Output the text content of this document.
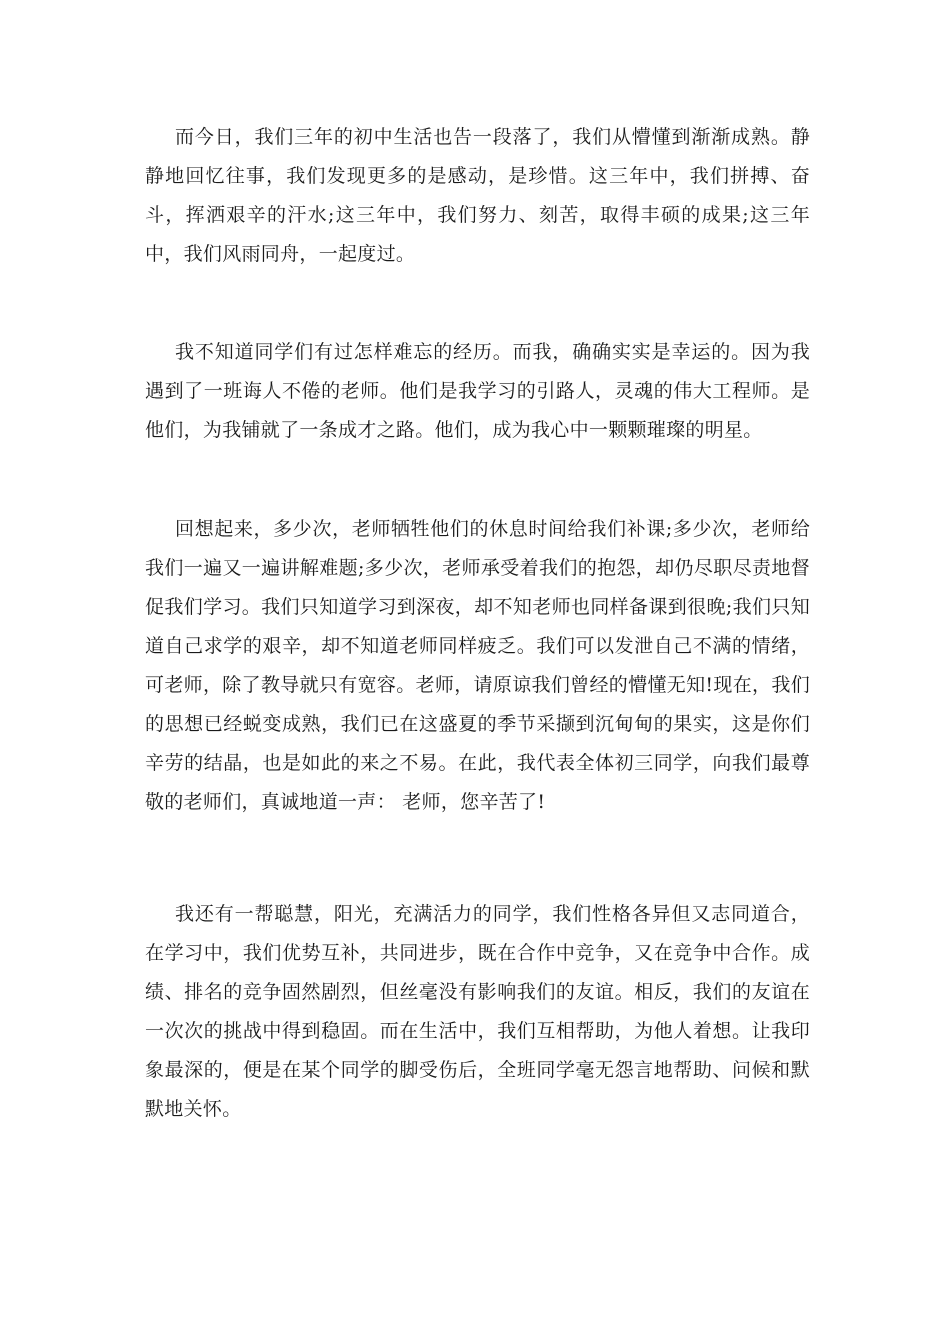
而今日，我们三年的初中生活也告一段落了，我们从懵懂到渐渐成熟。静静地回忆往事，我们发现更多的是感动，是珍惜。这三年中，我们拼搏、奋斗，挥洒艰辛的汗水;这三年中，我们努力、刻苦，取得丰硕的成果;这三年中，我们风雨同舟，一起度过。

我不知道同学们有过怎样难忘的经历。而我，确确实实是幸运的。因为我遇到了一班诲人不倦的老师。他们是我学习的引路人，灵魂的伟大工程师。是他们，为我铺就了一条成才之路。他们，成为我心中一颗颗璀璨的明星。

回想起来，多少次，老师牺牲他们的休息时间给我们补课;多少次，老师给我们一遍又一遍讲解难题;多少次，老师承受着我们的抱怨，却仍尽职尽责地督促我们学习。我们只知道学习到深夜，却不知老师也同样备课到很晚;我们只知道自己求学的艰辛，却不知道老师同样疲乏。我们可以发泄自己不满的情绪，可老师，除了教导就只有宽容。老师，请原谅我们曾经的懵懂无知!现在，我们的思想已经蜕变成熟，我们已在这盛夏的季节采撷到沉甸甸的果实，这是你们辛劳的结晶，也是如此的来之不易。在此，我代表全体初三同学，向我们最尊敬的老师们，真诚地道一声： 老师，您辛苦了!

我还有一帮聪慧，阳光，充满活力的同学，我们性格各异但又志同道合，在学习中，我们优势互补，共同进步，既在合作中竞争，又在竞争中合作。成绩、排名的竞争固然剧烈，但丝毫没有影响我们的友谊。相反，我们的友谊在一次次的挑战中得到稳固。而在生活中，我们互相帮助，为他人着想。让我印象最深的，便是在某个同学的脚受伤后，全班同学毫无怨言地帮助、问候和默默地关怀。
